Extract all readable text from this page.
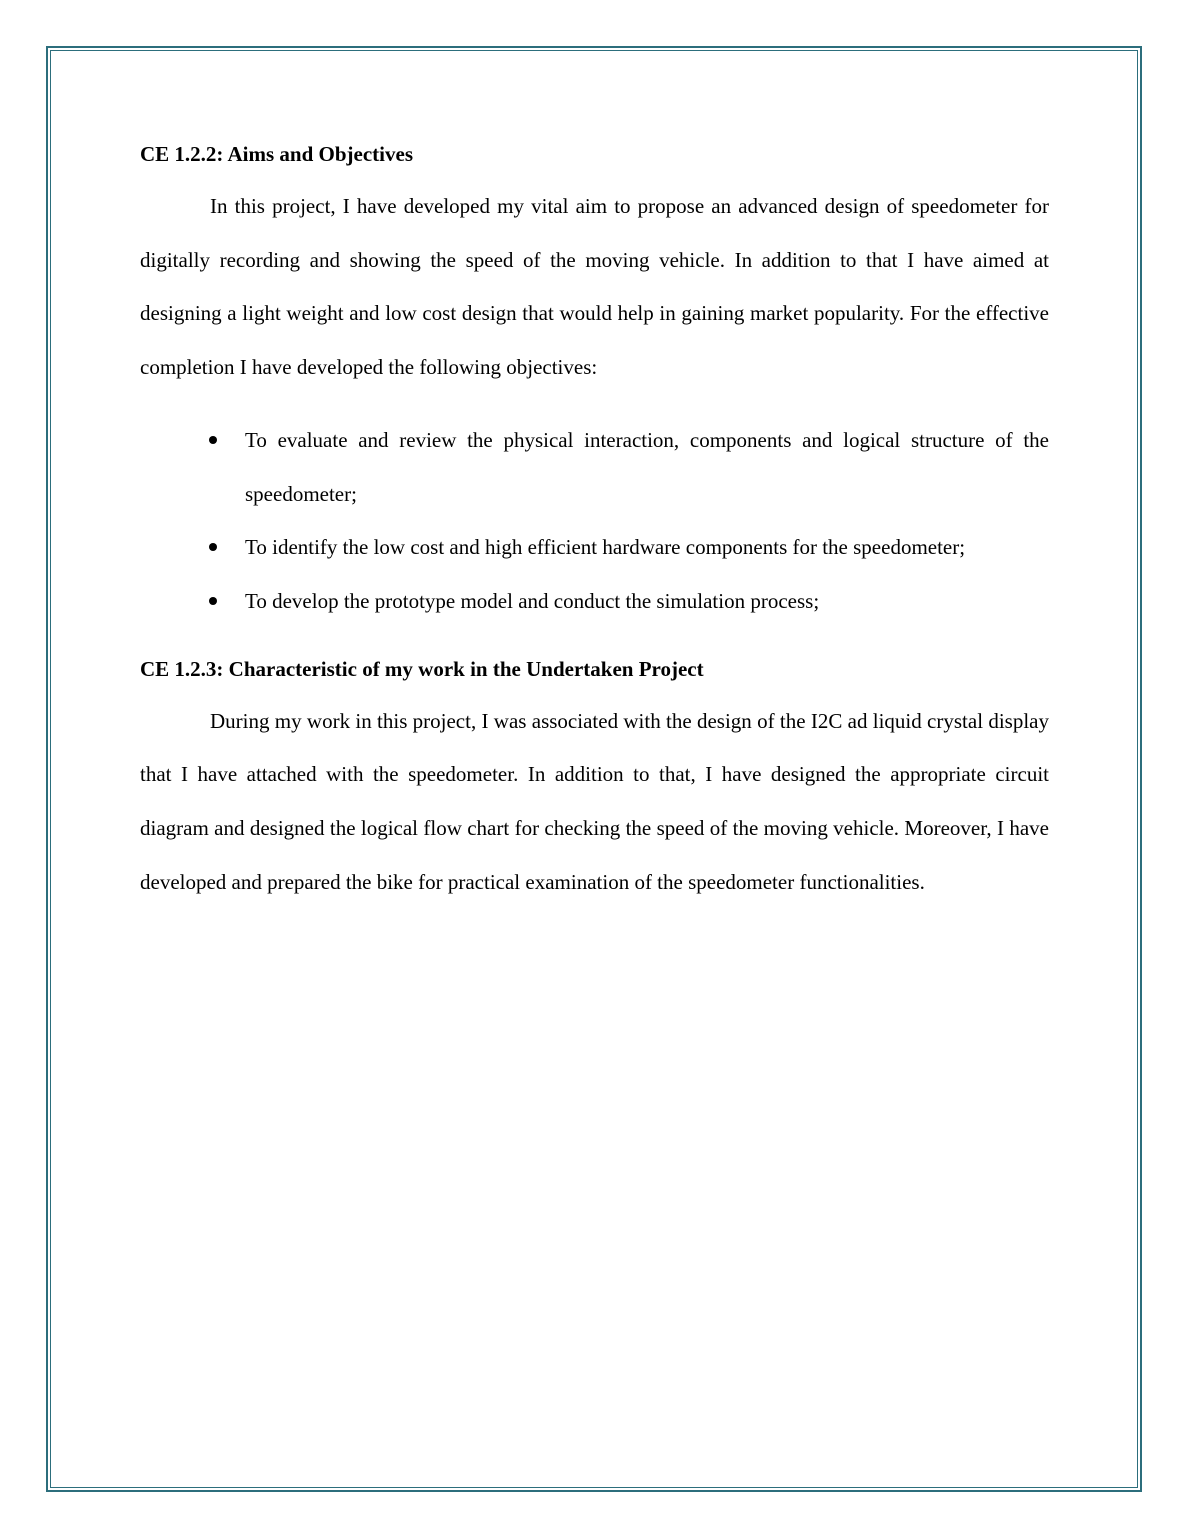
CE 1.2.2: Aims and Objectives

In this project, I have developed my vital aim to propose an advanced design of speedometer for digitally recording and showing the speed of the moving vehicle. In addition to that I have aimed at designing a light weight and low cost design that would help in gaining market popularity. For the effective completion I have developed the following objectives:

To evaluate and review the physical interaction, components and logical structure of the speedometer;
To identify the low cost and high efficient hardware components for the speedometer;
To develop the prototype model and conduct the simulation process;
CE 1.2.3: Characteristic of my work in the Undertaken Project

During my work in this project, I was associated with the design of the I2C ad liquid crystal display that I have attached with the speedometer. In addition to that, I have designed the appropriate circuit diagram and designed the logical flow chart for checking the speed of the moving vehicle. Moreover, I have developed and prepared the bike for practical examination of the speedometer functionalities.
